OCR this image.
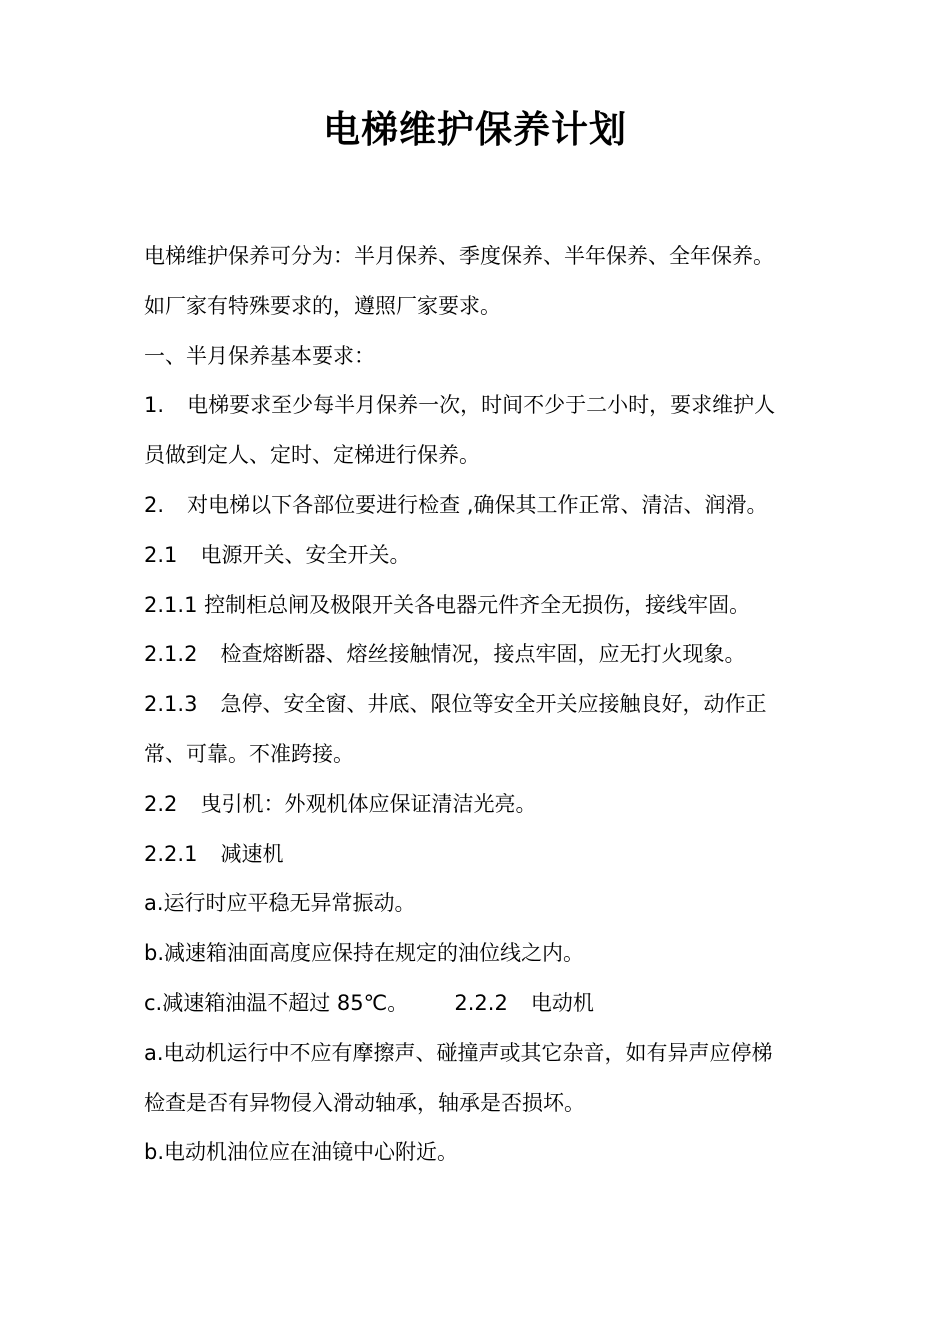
电梯维护保养计划
电梯维护保养可分为：半月保养、季度保养、半年保养、全年保养。
如厂家有特殊要求的，遵照厂家要求。
一、半月保养基本要求：
1. 电梯要求至少每半月保养一次，时间不少于二小时，要求维护人
员做到定人、定时、定梯进行保养。
2. 对电梯以下各部位要进行检查 ,确保其工作正常、清洁、润滑。
2.1 电源开关、安全开关。
2.1.1 控制柜总闸及极限开关各电器元件齐全无损伤，接线牢固。
2.1.2 检查熔断器、熔丝接触情况，接点牢固，应无打火现象。
2.1.3 急停、安全窗、井底、限位等安全开关应接触良好，动作正
常、可靠。不准跨接。
2.2 曳引机：外观机体应保证清洁光亮。
2.2.1 减速机
a.运行时应平稳无异常振动。
b.减速箱油面高度应保持在规定的油位线之内。
c.减速箱油温不超过 85℃。 2.2.2 电动机
a.电动机运行中不应有摩擦声、碰撞声或其它杂音，如有异声应停梯
检查是否有异物侵入滑动轴承，轴承是否损坏。
b.电动机油位应在油镜中心附近。
